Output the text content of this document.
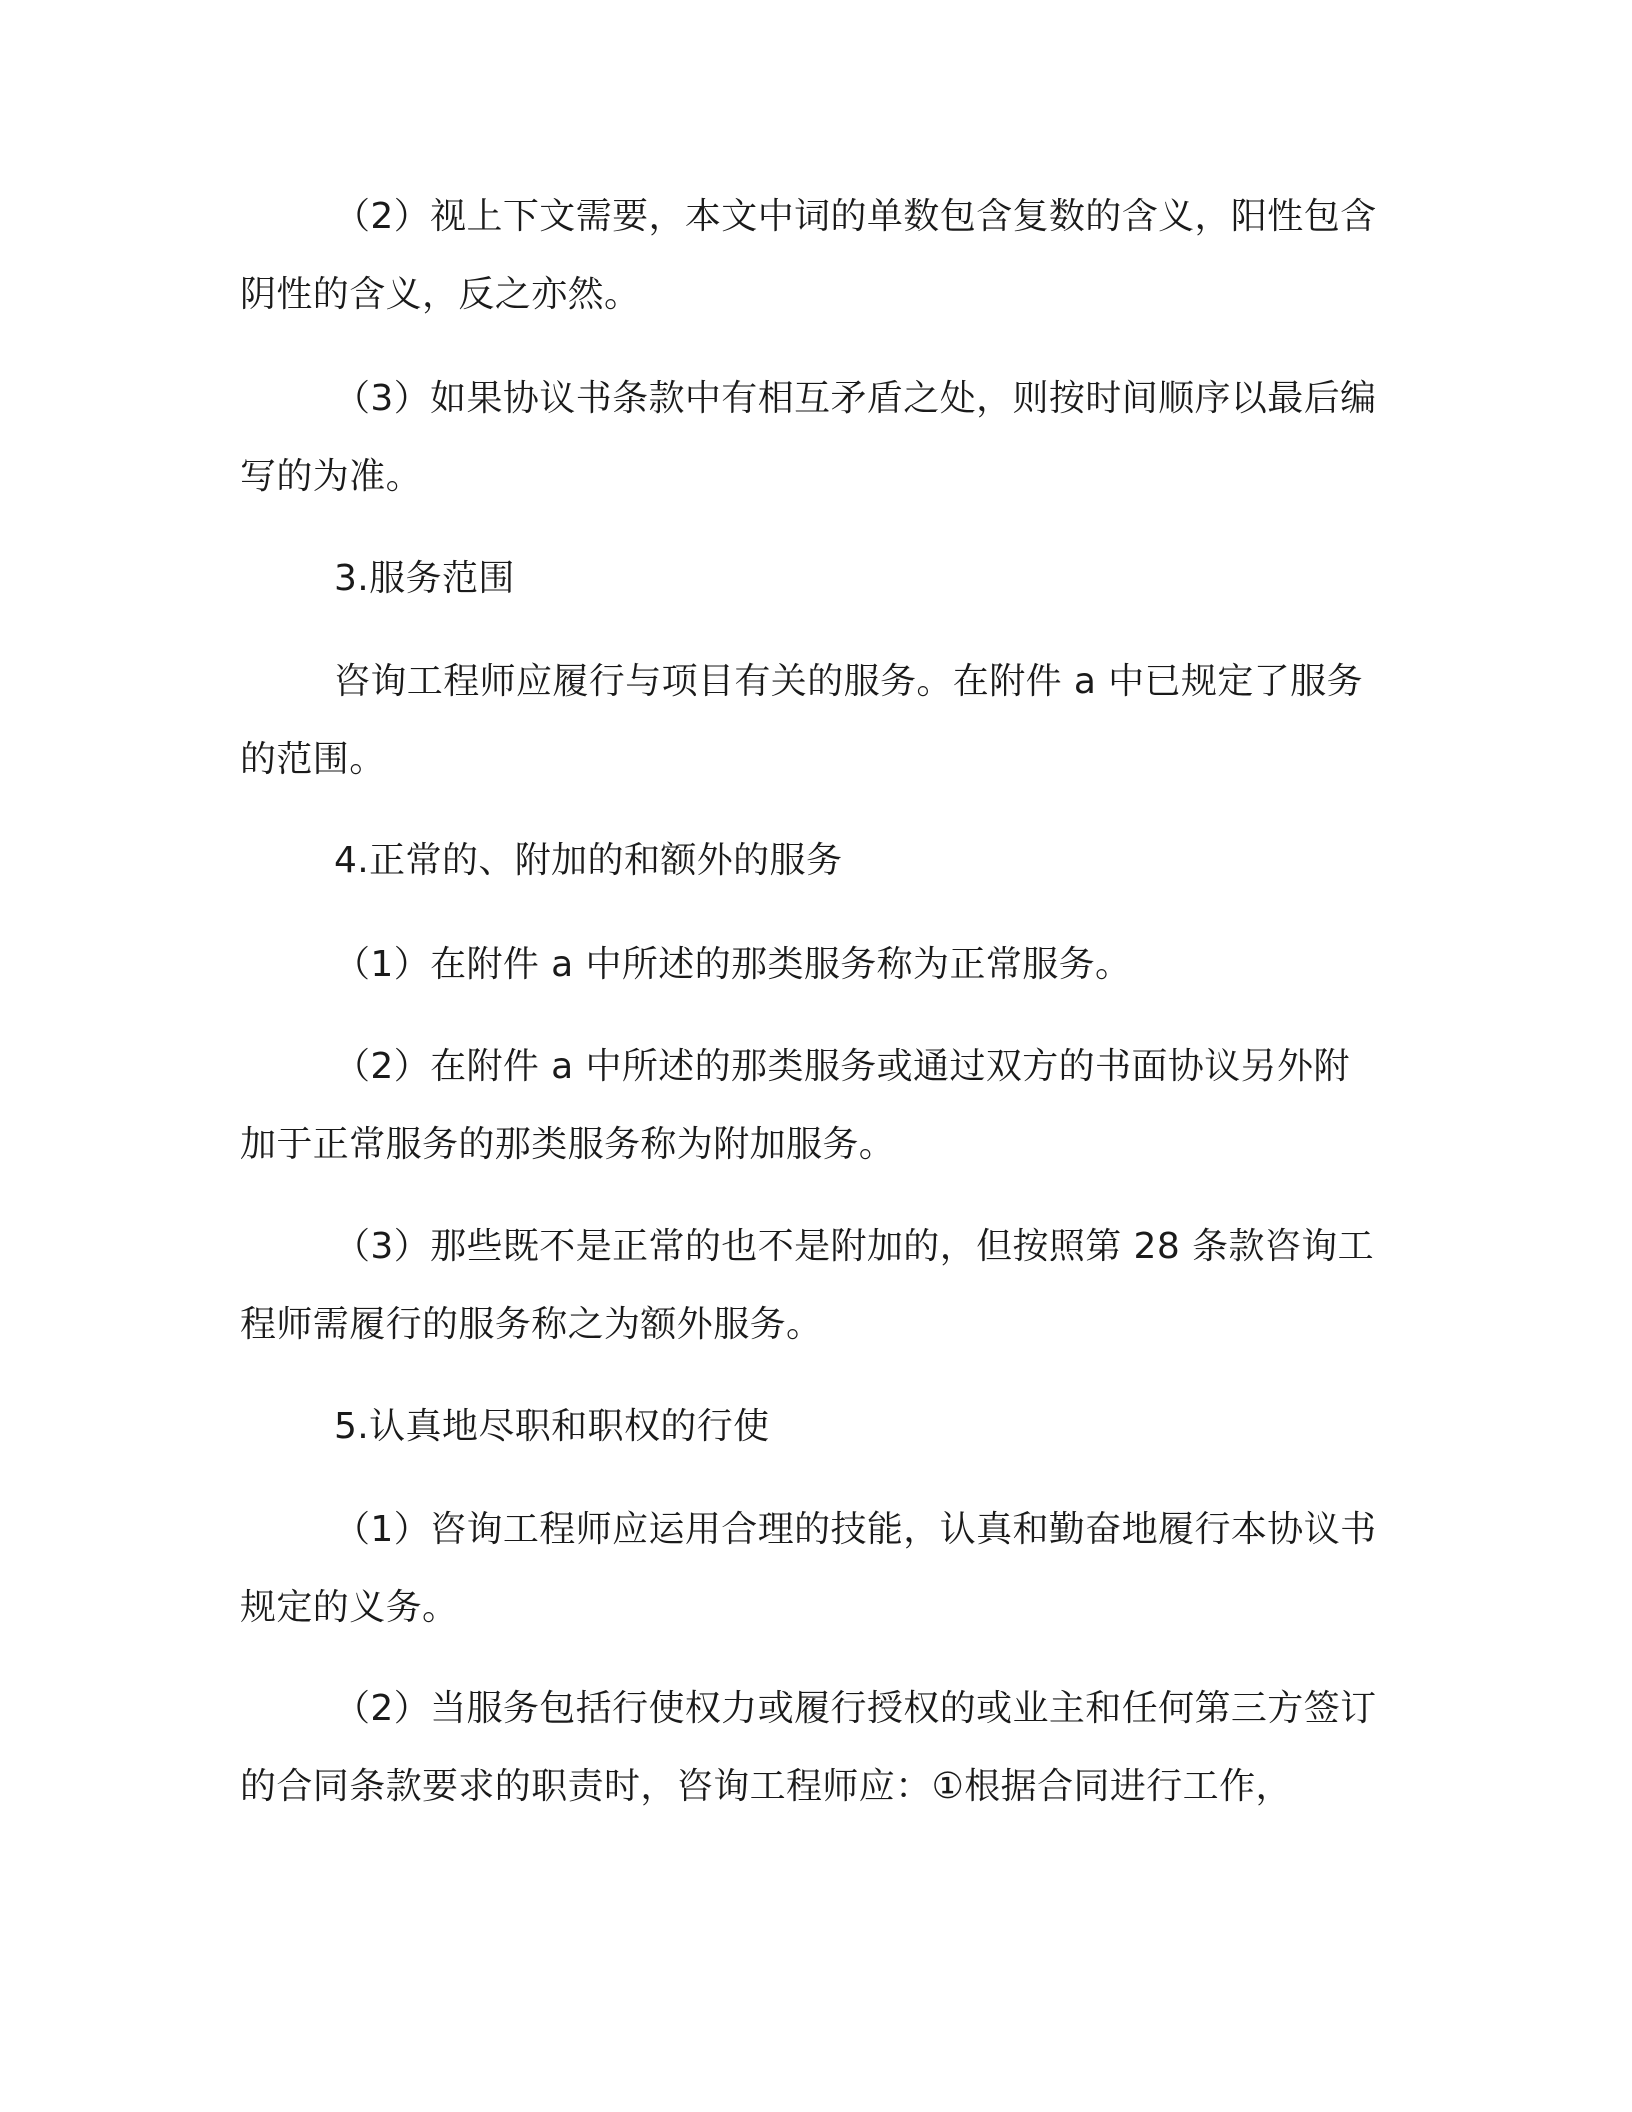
（2）视上下文需要，本文中词的单数包含复数的含义，阳性包含阴性的含义，反之亦然。

（3）如果协议书条款中有相互矛盾之处，则按时间顺序以最后编写的为准。

3.服务范围

咨询工程师应履行与项目有关的服务。在附件 a 中已规定了服务的范围。

4.正常的、附加的和额外的服务

（1）在附件 a 中所述的那类服务称为正常服务。

（2）在附件 a 中所述的那类服务或通过双方的书面协议另外附加于正常服务的那类服务称为附加服务。

（3）那些既不是正常的也不是附加的，但按照第 28 条款咨询工程师需履行的服务称之为额外服务。

5.认真地尽职和职权的行使

（1）咨询工程师应运用合理的技能，认真和勤奋地履行本协议书规定的义务。

（2）当服务包括行使权力或履行授权的或业主和任何第三方签订的合同条款要求的职责时，咨询工程师应：①根据合同进行工作，
